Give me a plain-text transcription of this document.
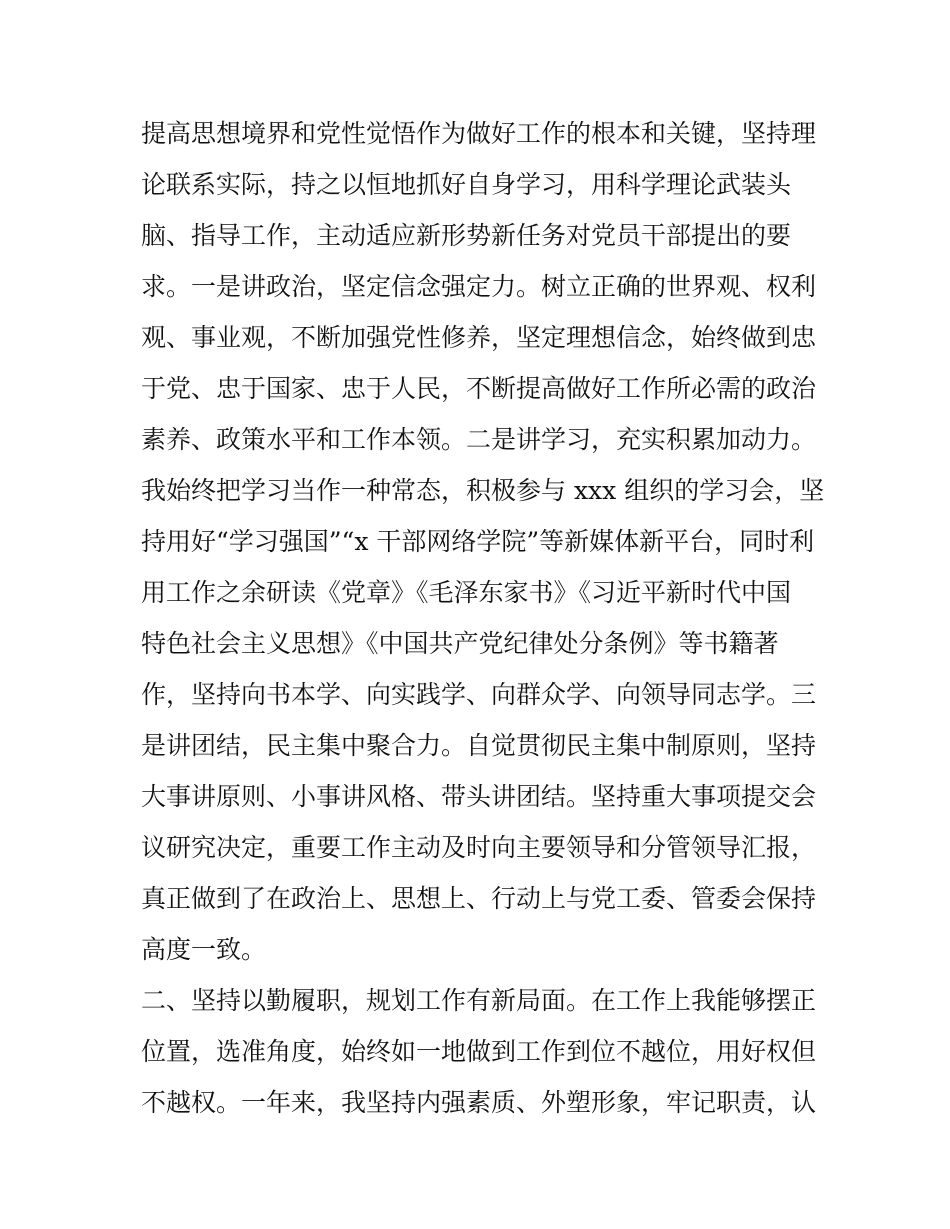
提高思想境界和党性觉悟作为做好工作的根本和关键，坚持理
论联系实际，持之以恒地抓好自身学习，用科学理论武装头
脑、指导工作，主动适应新形势新任务对党员干部提出的要
求。一是讲政治，坚定信念强定力。树立正确的世界观、权利
观、事业观，不断加强党性修养，坚定理想信念，始终做到忠
于党、忠于国家、忠于人民，不断提高做好工作所必需的政治
素养、政策水平和工作本领。二是讲学习，充实积累加动力。
我始终把学习当作一种常态，积极参与 xxx 组织的学习会，坚
持用好“学习强国”“x 干部网络学院”等新媒体新平台，同时利
用工作之余研读《党章》《毛泽东家书》《习近平新时代中国
特色社会主义思想》《中国共产党纪律处分条例》等书籍著
作，坚持向书本学、向实践学、向群众学、向领导同志学。三
是讲团结，民主集中聚合力。自觉贯彻民主集中制原则，坚持
大事讲原则、小事讲风格、带头讲团结。坚持重大事项提交会
议研究决定，重要工作主动及时向主要领导和分管领导汇报，
真正做到了在政治上、思想上、行动上与党工委、管委会保持
高度一致。
二、坚持以勤履职，规划工作有新局面。在工作上我能够摆正
位置，选准角度，始终如一地做到工作到位不越位，用好权但
不越权。一年来，我坚持内强素质、外塑形象，牢记职责，认
